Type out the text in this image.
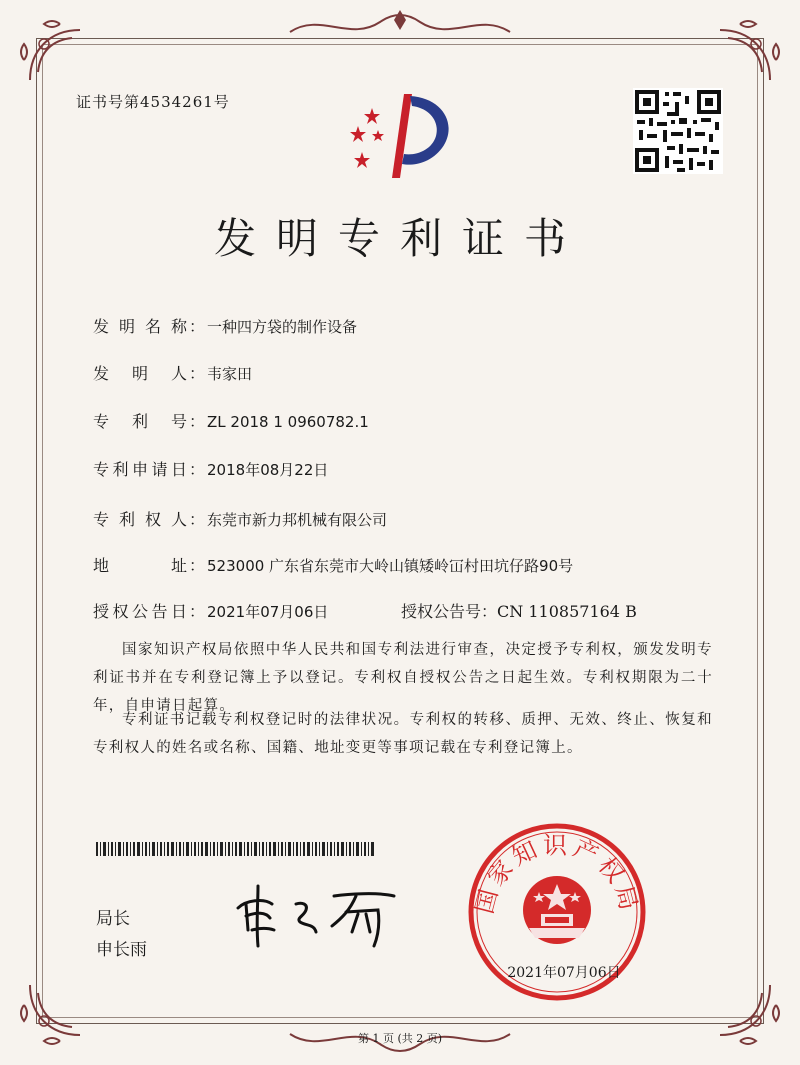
证书号第4534261号
发明专利证书
发明名称： 一种四方袋的制作设备
发明人： 韦家田
专利号： ZL 2018 1 0960782.1
专利申请日： 2018年08月22日
专利权人： 东莞市新力邦机械有限公司
地址： 523000 广东省东莞市大岭山镇矮岭冚村田坑仔路90号
授权公告日： 2021年07月06日	授权公告号：CN 110857164 B
国家知识产权局依照中华人民共和国专利法进行审查，决定授予专利权，颁发发明专利证书并在专利登记簿上予以登记。专利权自授权公告之日起生效。专利权期限为二十年，自申请日起算。
专利证书记载专利权登记时的法律状况。专利权的转移、质押、无效、终止、恢复和专利权人的姓名或名称、国籍、地址变更等事项记载在专利登记簿上。
局长
申长雨
国家知识产权局
2021年07月06日
第 1 页 (共 2 页)
